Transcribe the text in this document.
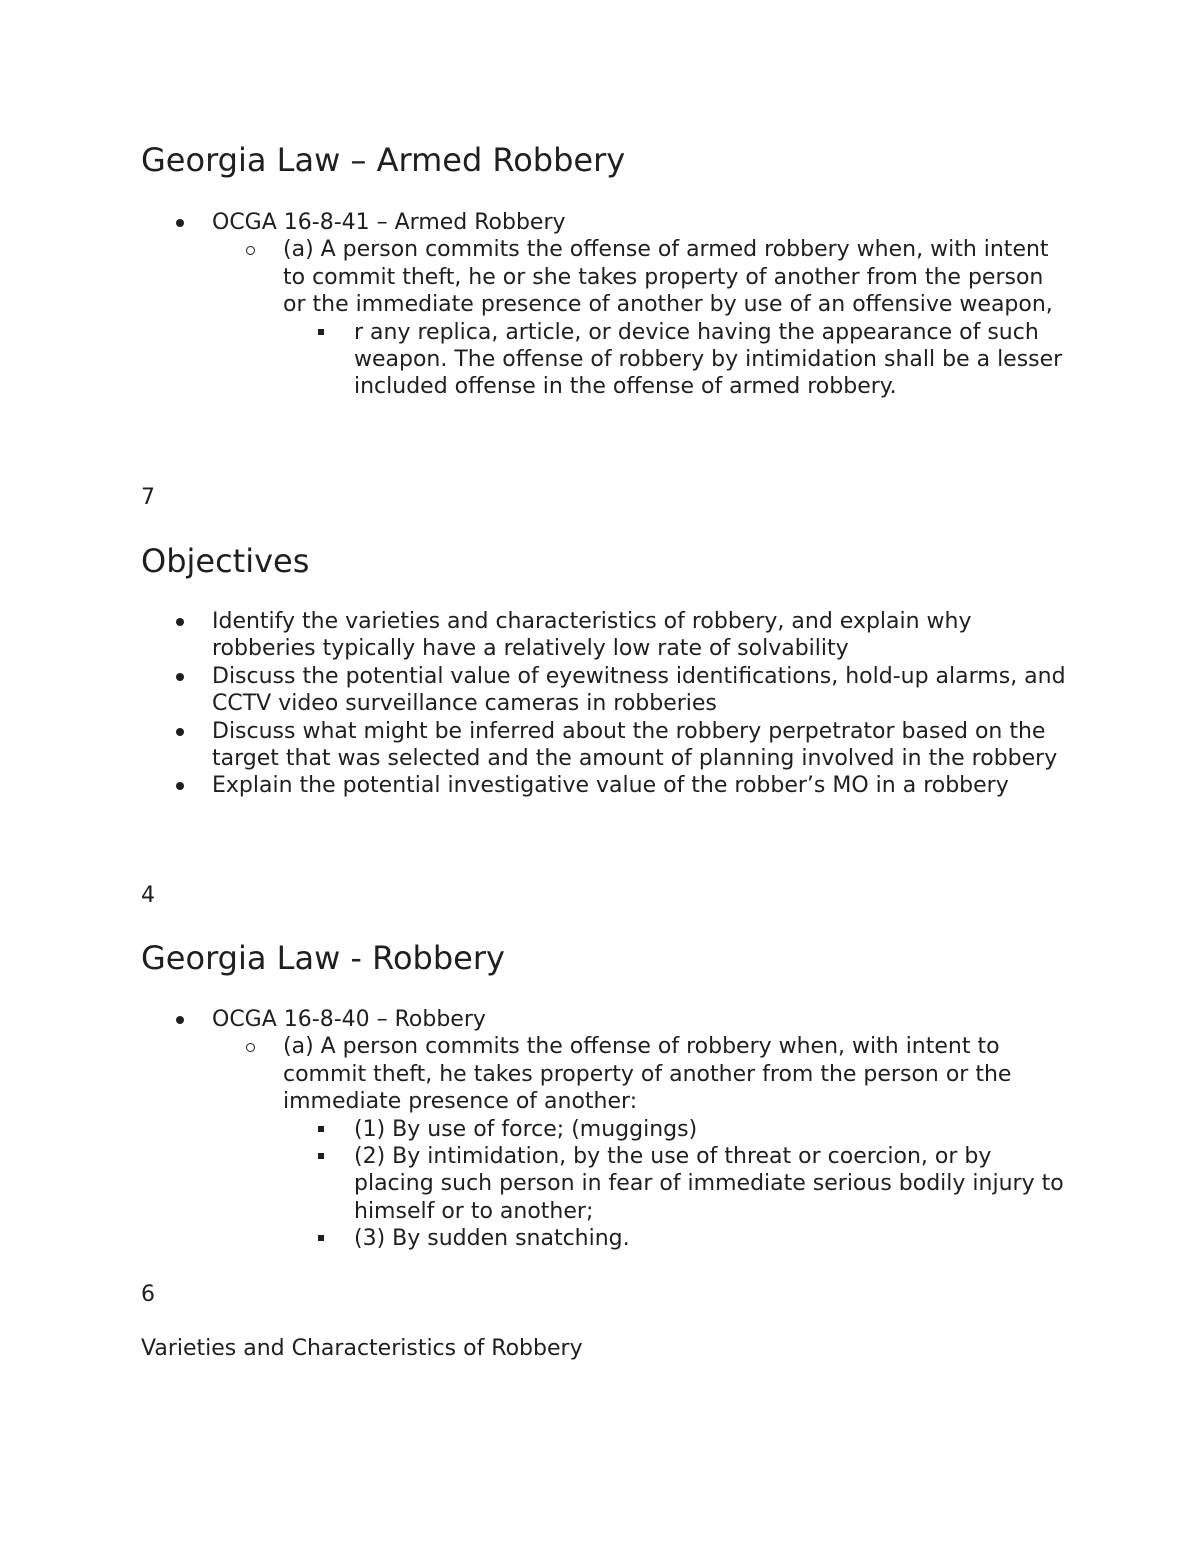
Georgia Law – Armed Robbery
OCGA 16-8-41 – Armed Robbery
(a) A person commits the offense of armed robbery when, with intent to commit theft, he or she takes property of another from the person or the immediate presence of another by use of an offensive weapon,
r any replica, article, or device having the appearance of such weapon. The offense of robbery by intimidation shall be a lesser included offense in the offense of armed robbery.

7

Objectives
Identify the varieties and characteristics of robbery, and explain why robberies typically have a relatively low rate of solvability
Discuss the potential value of eyewitness identifications, hold-up alarms, and CCTV video surveillance cameras in robberies
Discuss what might be inferred about the robbery perpetrator based on the target that was selected and the amount of planning involved in the robbery
Explain the potential investigative value of the robber’s MO in a robbery

4

Georgia Law - Robbery
OCGA 16-8-40 – Robbery
(a) A person commits the offense of robbery when, with intent to commit theft, he takes property of another from the person or the immediate presence of another:
(1) By use of force; (muggings)
(2) By intimidation, by the use of threat or coercion, or by placing such person in fear of immediate serious bodily injury to himself or to another;
(3) By sudden snatching.

6

Varieties and Characteristics of Robbery
